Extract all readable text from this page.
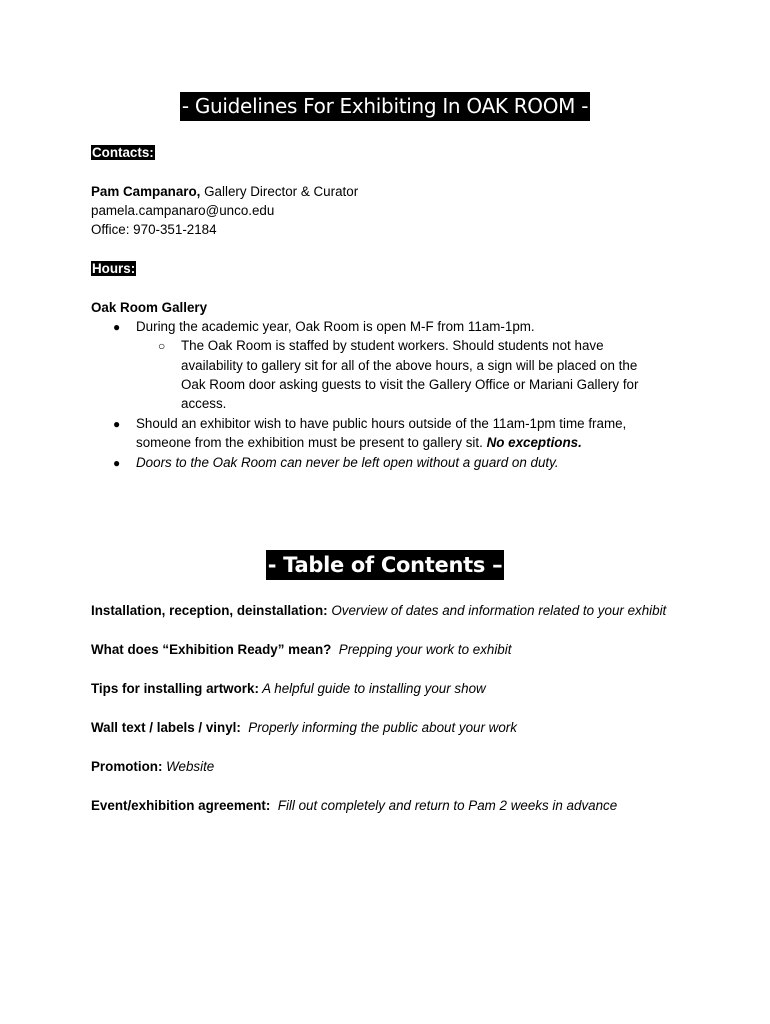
- Guidelines For Exhibiting In OAK ROOM -
Contacts:
Pam Campanaro, Gallery Director & Curator
pamela.campanaro@unco.edu
Office: 970-351-2184
Hours:
Oak Room Gallery
● During the academic year, Oak Room is open M-F from 11am-1pm.
○ The Oak Room is staffed by student workers. Should students not have
availability to gallery sit for all of the above hours, a sign will be placed on the
Oak Room door asking guests to visit the Gallery Office or Mariani Gallery for
access.
● Should an exhibitor wish to have public hours outside of the 11am-1pm time frame,
someone from the exhibition must be present to gallery sit. No exceptions.
● Doors to the Oak Room can never be left open without a guard on duty.
- Table of Contents –
Installation, reception, deinstallation: Overview of dates and information related to your exhibit
What does “Exhibition Ready” mean?  Prepping your work to exhibit
Tips for installing artwork: A helpful guide to installing your show
Wall text / labels / vinyl:  Properly informing the public about your work
Promotion: Website
Event/exhibition agreement:  Fill out completely and return to Pam 2 weeks in advance
